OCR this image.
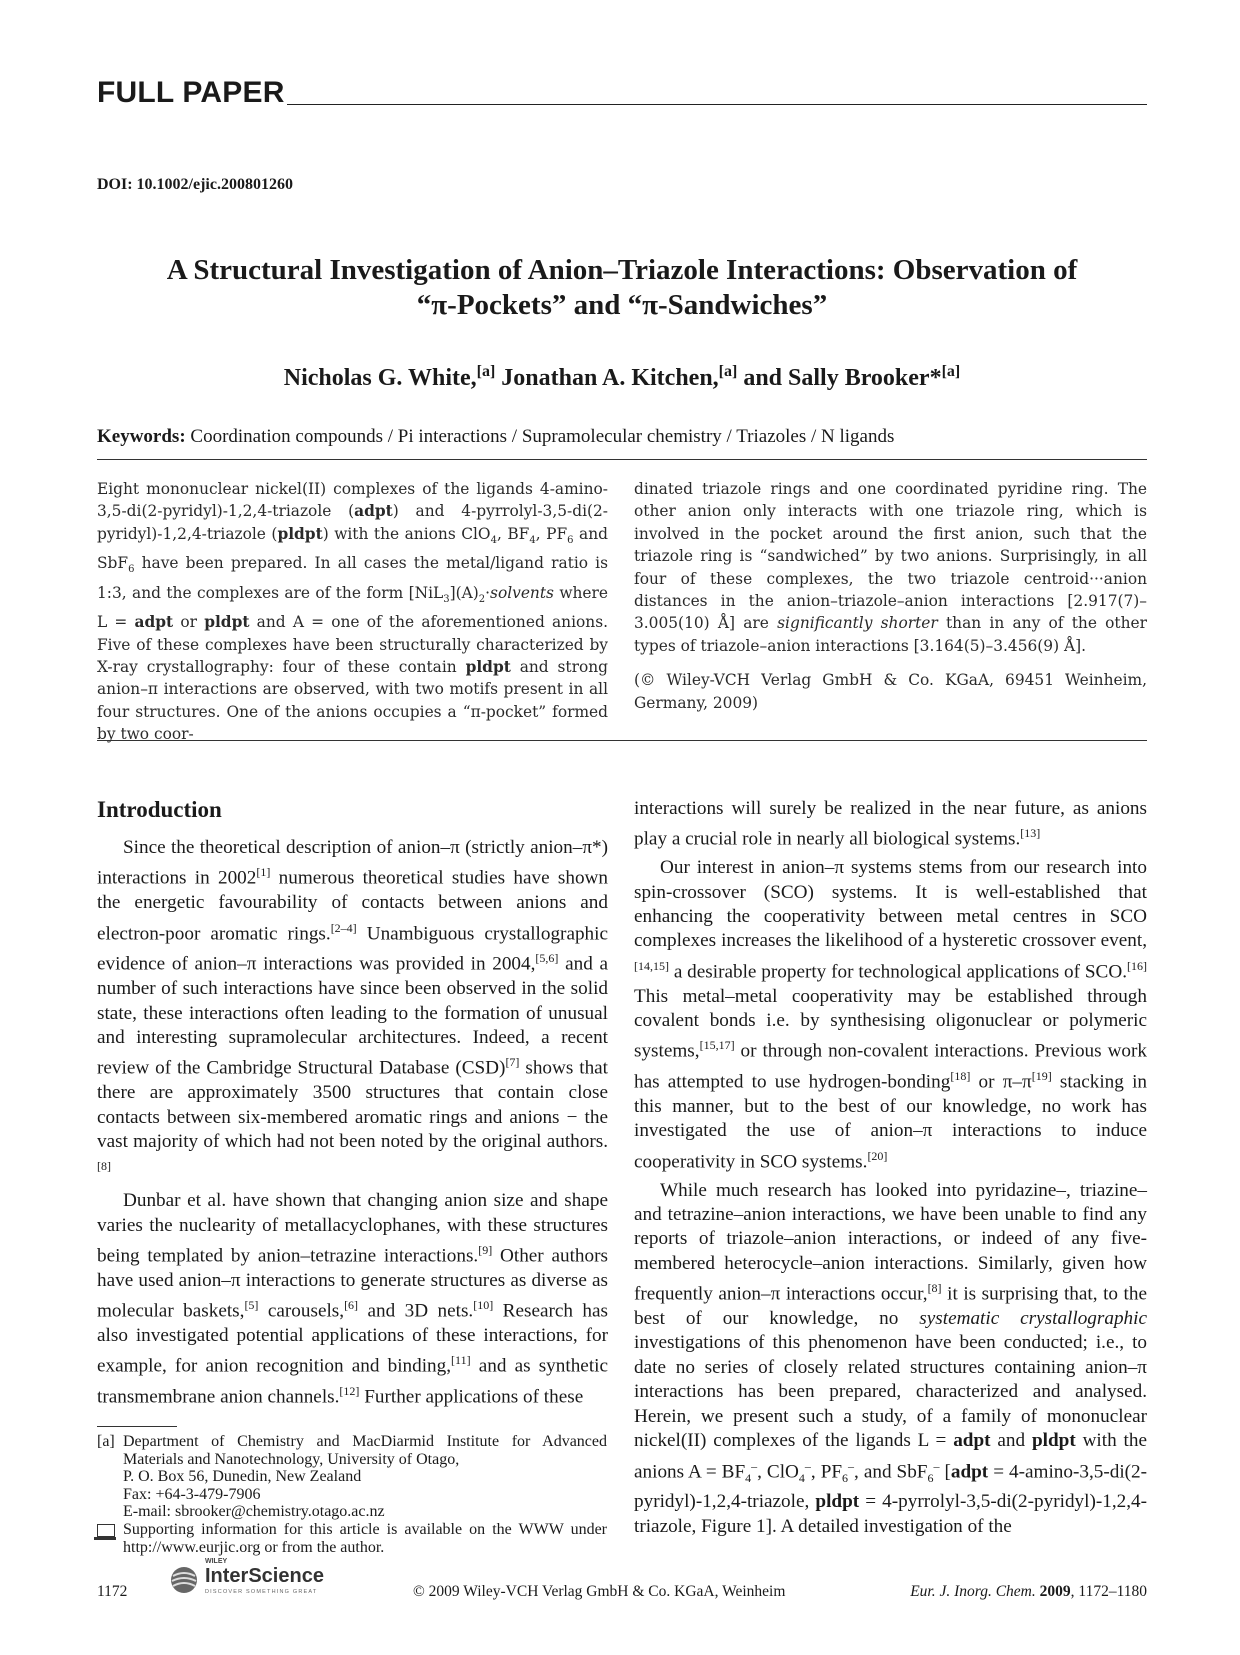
FULL PAPER
DOI: 10.1002/ejic.200801260
A Structural Investigation of Anion–Triazole Interactions: Observation of
“π-Pockets” and “π-Sandwiches”
Nicholas G. White,[a] Jonathan A. Kitchen,[a] and Sally Brooker*[a]
Keywords: Coordination compounds / Pi interactions / Supramolecular chemistry / Triazoles / N ligands
Eight mononuclear nickel(II) complexes of the ligands 4-amino-3,5-di(2-pyridyl)-1,2,4-triazole (adpt) and 4-pyrrolyl-3,5-di(2-pyridyl)-1,2,4-triazole (pldpt) with the anions ClO$_4$, $BF_4$, $PF_6$ and SbF$_6$ have been prepared. In all cases the metal/ligand ratio is 1:3, and the complexes are of the form $[NiL_3](A)_2\cdot solvents$ where L = adpt or pldpt and A = one of the aforementioned anions. Five of these complexes have been structurally characterized by X-ray crystallography: four of these contain pldpt and strong anion–π interactions are observed, with two motifs present in all four structures. One of the anions occupies a “π-pocket” formed by two coor-
dinated triazole rings and one coordinated pyridine ring. The other anion only interacts with one triazole ring, which is involved in the pocket around the first anion, such that the triazole ring is “sandwiched” by two anions. Surprisingly, in all four of these complexes, the two triazole centroid···anion distances in the anion–triazole–anion interactions [2.917(7)–3.005(10) Å] are significantly shorter than in any of the other types of triazole–anion interactions [3.164(5)–3.456(9) Å].
(© Wiley-VCH Verlag GmbH & Co. KGaA, 69451 Weinheim, Germany, 2009)
Introduction

Since the theoretical description of anion–π (strictly anion–π*) interactions in 2002[1] numerous theoretical studies have shown the energetic favourability of contacts between anions and electron-poor aromatic rings.[2–4] Unambiguous crystallographic evidence of anion–π interactions was provided in 2004,[5,6] and a number of such interactions have since been observed in the solid state, these interactions often leading to the formation of unusual and interesting supramolecular architectures. Indeed, a recent review of the Cambridge Structural Database (CSD)[7] shows that there are approximately 3500 structures that contain close contacts between six-membered aromatic rings and anions − the vast majority of which had not been noted by the original authors.[8]

Dunbar et al. have shown that changing anion size and shape varies the nuclearity of metallacyclophanes, with these structures being templated by anion–tetrazine interactions.[9] Other authors have used anion–π interactions to generate structures as diverse as molecular baskets,[5] carousels,[6] and 3D nets.[10] Research has also investigated potential applications of these interactions, for example, for anion recognition and binding,[11] and as synthetic transmembrane anion channels.[12] Further applications of these

interactions will surely be realized in the near future, as anions play a crucial role in nearly all biological systems.[13]

Our interest in anion–π systems stems from our research into spin-crossover (SCO) systems. It is well-established that enhancing the cooperativity between metal centres in SCO complexes increases the likelihood of a hysteretic crossover event,[14,15] a desirable property for technological applications of SCO.[16] This metal–metal cooperativity may be established through covalent bonds i.e. by synthesising oligonuclear or polymeric systems,[15,17] or through non-covalent interactions. Previous work has attempted to use hydrogen-bonding[18] or π–π[19] stacking in this manner, but to the best of our knowledge, no work has investigated the use of anion–π interactions to induce cooperativity in SCO systems.[20]

While much research has looked into pyridazine–, triazine– and tetrazine–anion interactions, we have been unable to find any reports of triazole–anion interactions, or indeed of any five-membered heterocycle–anion interactions. Similarly, given how frequently anion–π interactions occur,[8] it is surprising that, to the best of our knowledge, no systematic crystallographic investigations of this phenomenon have been conducted; i.e., to date no series of closely related structures containing anion–π interactions has been prepared, characterized and analysed. Herein, we present such a study, of a family of mononuclear nickel(II) complexes of the ligands L = adpt and pldpt with the anions $A = BF_4^-$, ClO$_4$–, $PF_6^-$, and SbF$_6$– [adpt = 4-amino-3,5-di(2-pyridyl)-1,2,4-triazole, pldpt = 4-pyrrolyl-3,5-di(2-pyridyl)-1,2,4-triazole, Figure 1]. A detailed investigation of the

[a] Department of Chemistry and MacDiarmid Institute for Advanced Materials and Nanotechnology, University of Otago,
P. O. Box 56, Dunedin, New Zealand
Fax: +64-3-479-7906
E-mail: sbrooker@chemistry.otago.ac.nz
Supporting information for this article is available on the WWW under http://www.eurjic.org or from the author.
1172
WILEY
InterScience
DISCOVER SOMETHING GREAT	© 2009 Wiley-VCH Verlag GmbH & Co. KGaA, Weinheim	Eur. J. Inorg. Chem. 2009, 1172–1180
